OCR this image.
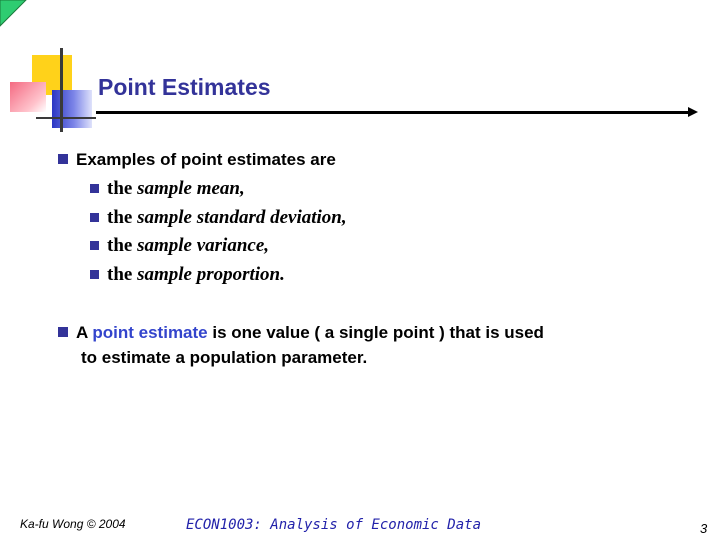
Point Estimates
Examples of point estimates are
the sample mean,
the sample standard deviation,
the sample variance,
the sample proportion.
A point estimate is one value ( a single point ) that is used
to estimate a population parameter.
Ka-fu Wong © 2004	ECON1003: Analysis of Economic Data	3
